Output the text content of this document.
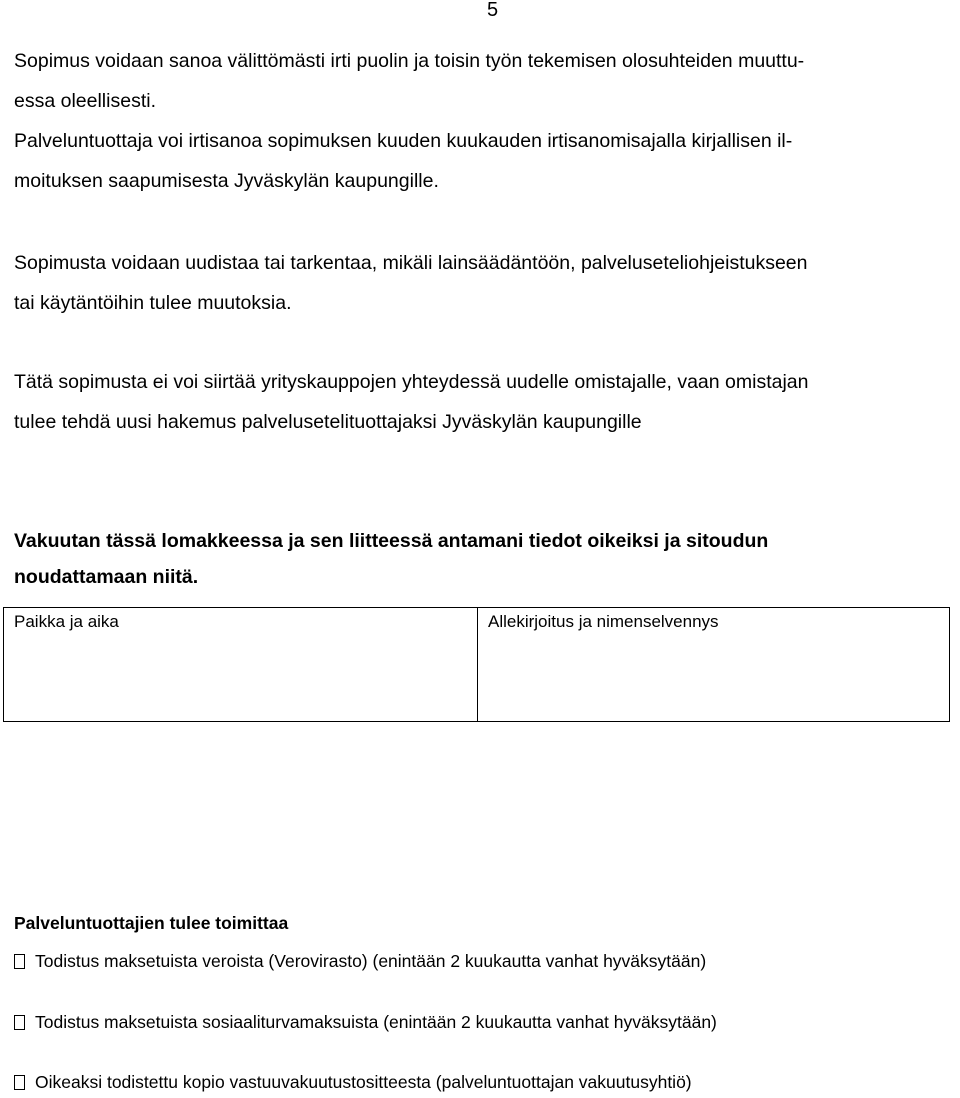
5

Sopimus voidaan sanoa välittömästi irti puolin ja toisin työn tekemisen olosuhteiden muuttu-
essa oleellisesti.
Palveluntuottaja voi irtisanoa sopimuksen kuuden kuukauden irtisanomisajalla kirjallisen il-
moituksen saapumisesta Jyväskylän kaupungille.

Sopimusta voidaan uudistaa tai tarkentaa, mikäli lainsäädäntöön, palveluseteliohjeistukseen
tai käytäntöihin tulee muutoksia.

Tätä sopimusta ei voi siirtää yrityskauppojen yhteydessä uudelle omistajalle, vaan omistajan
tulee tehdä uusi hakemus palvelusetelituottajaksi Jyväskylän kaupungille

Vakuutan tässä lomakkeessa ja sen liitteessä antamani tiedot oikeiksi ja sitoudun
noudattamaan niitä.

Paikka ja aika	Allekirjoitus ja nimenselvennys

Palveluntuottajien tulee toimittaa

Todistus maksetuista veroista (Verovirasto) (enintään 2 kuukautta vanhat hyväksytään)
Todistus maksetuista sosiaaliturvamaksuista (enintään 2 kuukautta vanhat hyväksytään)
Oikeaksi todistettu kopio vastuuvakuutustositteesta (palveluntuottajan vakuutusyhtiö)
